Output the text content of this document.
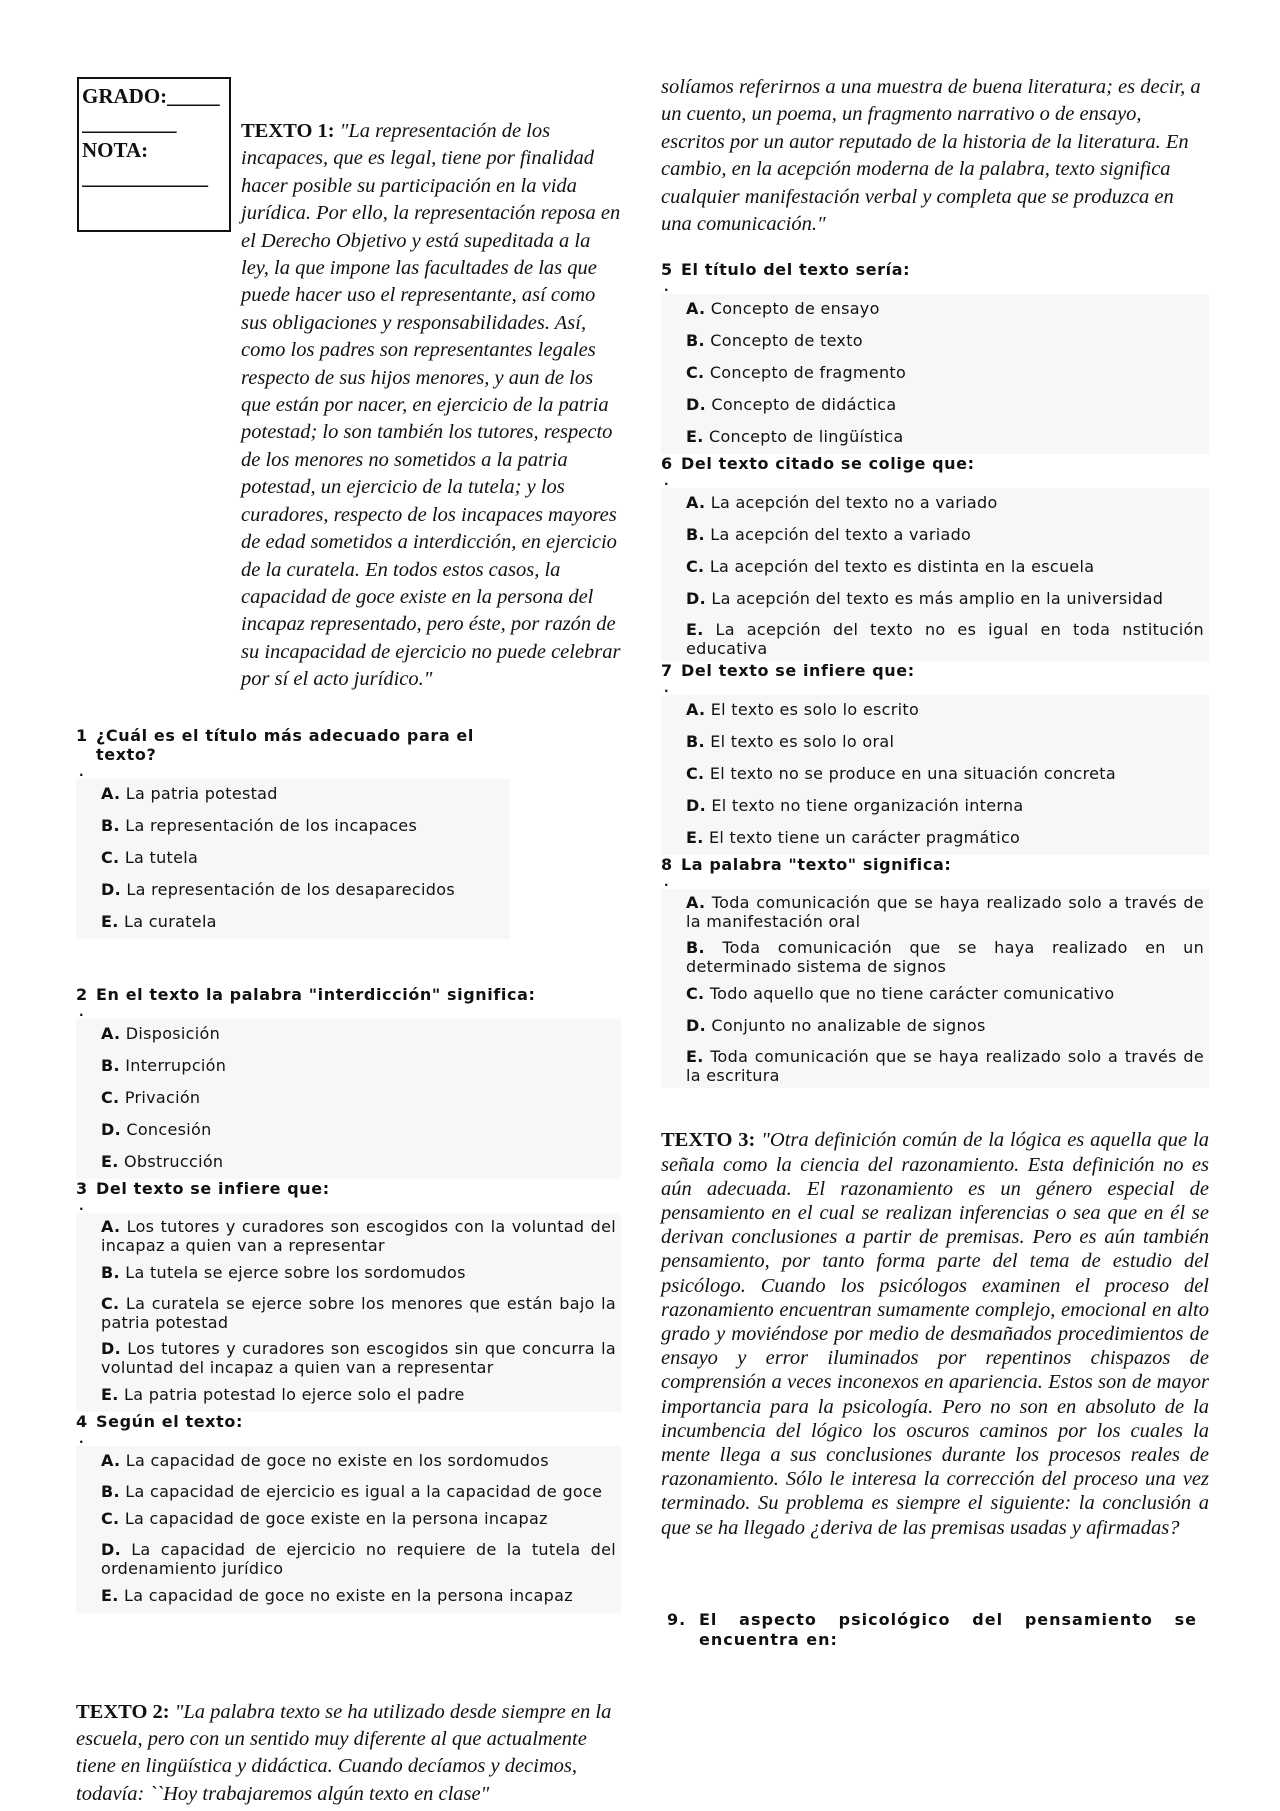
GRADO:_____
_________
NOTA:
____________

TEXTO 1: "La representación de los incapaces, que es legal, tiene por finalidad hacer posible su participación en la vida jurídica. Por ello, la representación reposa en el Derecho Objetivo y está supeditada a la ley, la que impone las facultades de las que puede hacer uso el representante, así como sus obligaciones y responsabilidades. Así, como los padres son representantes legales respecto de sus hijos menores, y aun de los que están por nacer, en ejercicio de la patria potestad; lo son también los tutores, respecto de los menores no sometidos a la patria potestad, un ejercicio de la tutela; y los curadores, respecto de los incapaces mayores de edad sometidos a interdicción, en ejercicio de la curatela. En todos estos casos, la capacidad de goce existe en la persona del incapaz representado, pero éste, por razón de su incapacidad de ejercicio no puede celebrar por sí el acto jurídico."

1 ¿Cuál es el título más adecuado para el texto?
.
A. La patria potestad
B. La representación de los incapaces
C. La tutela
D. La representación de los desaparecidos
E. La curatela
2 En el texto la palabra "interdicción" significa:
.
A. Disposición
B. Interrupción
C. Privación
D. Concesión
E. Obstrucción
3 Del texto se infiere que:
.
A. Los tutores y curadores son escogidos con la voluntad del incapaz a quien van a representar
B. La tutela se ejerce sobre los sordomudos
C. La curatela se ejerce sobre los menores que están bajo la patria potestad
D. Los tutores y curadores son escogidos sin que concurra la voluntad del incapaz a quien van a representar
E. La patria potestad lo ejerce solo el padre
4 Según el texto:
.
A. La capacidad de goce no existe en los sordomudos
B. La capacidad de ejercicio es igual a la capacidad de goce
C. La capacidad de goce existe en la persona incapaz
D. La capacidad de ejercicio no requiere de la tutela del ordenamiento jurídico
E. La capacidad de goce no existe en la persona incapaz

TEXTO 2: "La palabra texto se ha utilizado desde siempre en la escuela, pero con un sentido muy diferente al que actualmente tiene en lingüística y didáctica. Cuando decíamos y decimos, todavía: ``Hoy trabajaremos algún texto en clase"

solíamos referirnos a una muestra de buena literatura; es decir, a un cuento, un poema, un fragmento narrativo o de ensayo, escritos por un autor reputado de la historia de la literatura. En cambio, en la acepción moderna de la palabra, texto significa cualquier manifestación verbal y completa que se produzca en una comunicación."

5 El título del texto sería:
.
A. Concepto de ensayo
B. Concepto de texto
C. Concepto de fragmento
D. Concepto de didáctica
E. Concepto de lingüística
6 Del texto citado se colige que:
.
A. La acepción del texto no a variado
B. La acepción del texto a variado
C. La acepción del texto es distinta en la escuela
D. La acepción del texto es más amplio en la universidad
E. La acepción del texto no es igual en toda nstitución educativa
7 Del texto se infiere que:
.
A. El texto es solo lo escrito
B. El texto es solo lo oral
C. El texto no se produce en una situación concreta
D. El texto no tiene organización interna
E. El texto tiene un carácter pragmático
8 La palabra "texto" significa:
.
A. Toda comunicación que se haya realizado solo a través de la manifestación oral
B. Toda comunicación que se haya realizado en un determinado sistema de signos
C. Todo aquello que no tiene carácter comunicativo
D. Conjunto no analizable de signos
E. Toda comunicación que se haya realizado solo a través de la escritura

TEXTO 3: "Otra definición común de la lógica es aquella que la señala como la ciencia del razonamiento. Esta definición no es aún adecuada. El razonamiento es un género especial de pensamiento en el cual se realizan inferencias o sea que en él se derivan conclusiones a partir de premisas. Pero es aún también pensamiento, por tanto forma parte del tema de estudio del psicólogo. Cuando los psicólogos examinen el proceso del razonamiento encuentran sumamente complejo, emocional en alto grado y moviéndose por medio de desmañados procedimientos de ensayo y error iluminados por repentinos chispazos de comprensión a veces inconexos en apariencia. Estos son de mayor importancia para la psicología. Pero no son en absoluto de la incumbencia del lógico los oscuros caminos por los cuales la mente llega a sus conclusiones durante los procesos reales de razonamiento. Sólo le interesa la corrección del proceso una vez terminado. Su problema es siempre el siguiente: la conclusión a que se ha llegado ¿deriva de las premisas usadas y afirmadas?

9. El aspecto psicológico del pensamiento se encuentra en:
